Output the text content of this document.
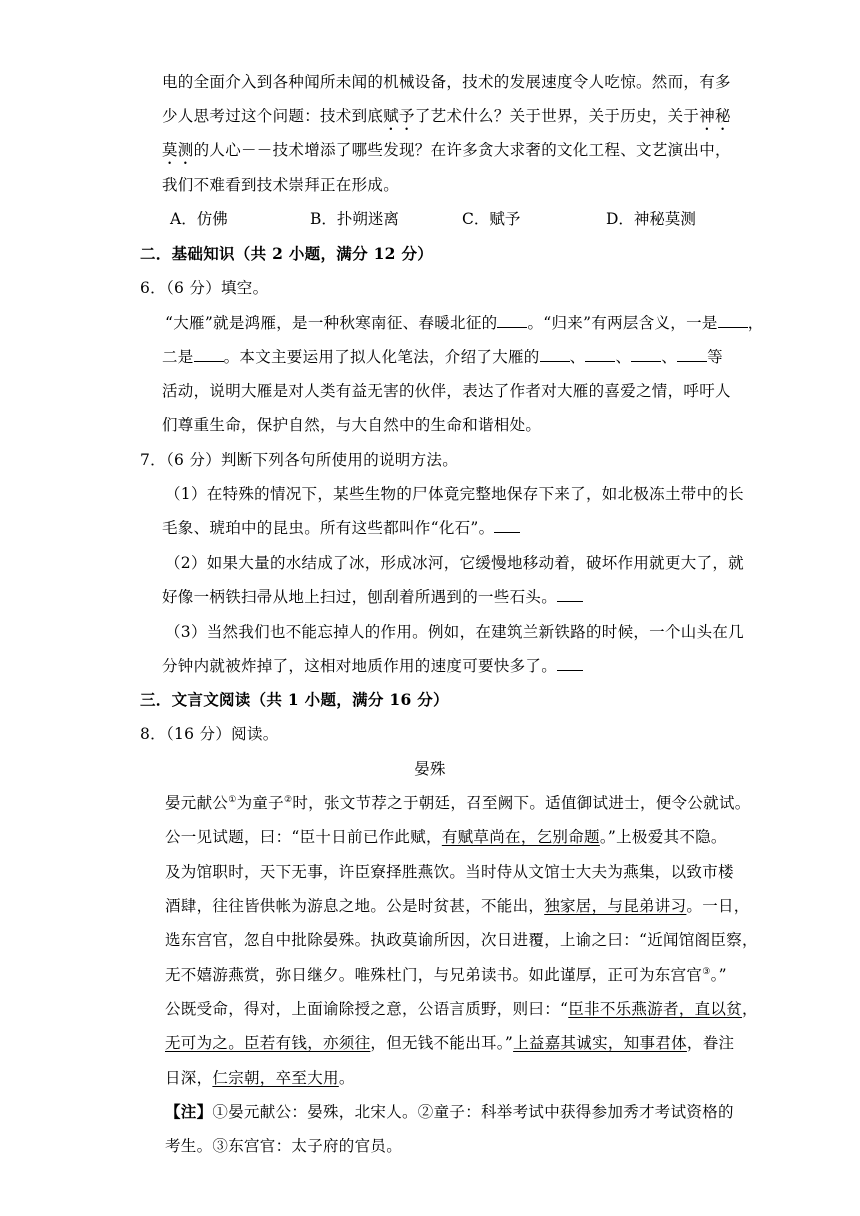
电的全面介入到各种闻所未闻的机械设备，技术的发展速度令人吃惊。然而，有多
少人思考过这个问题：技术到底赋予了艺术什么？关于世界，关于历史，关于神秘
莫测的人心－－技术增添了哪些发现？在许多贪大求奢的文化工程、文艺演出中，
我们不难看到技术崇拜正在形成。
A．仿佛	B．扑朔迷离	C．赋予	D．神秘莫测
二．基础知识（共 2 小题，满分 12 分）
6．（6 分）填空。
“大雁”就是鸿雁，是一种秋寒南征、春暖北征的 。“归来”有两层含义，一是 ，
二是 。本文主要运用了拟人化笔法，介绍了大雁的 、 、 、 等
活动，说明大雁是对人类有益无害的伙伴，表达了作者对大雁的喜爱之情，呼吁人
们尊重生命，保护自然，与大自然中的生命和谐相处。
7．（6 分）判断下列各句所使用的说明方法。
（1）在特殊的情况下，某些生物的尸体竟完整地保存下来了，如北极冻土带中的长
毛象、琥珀中的昆虫。所有这些都叫作“化石”。
（2）如果大量的水结成了冰，形成冰河，它缓慢地移动着，破坏作用就更大了，就
好像一柄铁扫帚从地上扫过，刨刮着所遇到的一些石头。
（3）当然我们也不能忘掉人的作用。例如，在建筑兰新铁路的时候，一个山头在几
分钟内就被炸掉了，这相对地质作用的速度可要快多了。
三．文言文阅读（共 1 小题，满分 16 分）
8．（16 分）阅读。
晏殊
晏元献公①为童子②时，张文节荐之于朝廷，召至阙下。适值御试进士，便令公就试。
公一见试题，曰：“臣十日前已作此赋，有赋草尚在，乞别命题。”上极爱其不隐。
及为馆职时，天下无事，许臣寮择胜燕饮。当时侍从文馆士大夫为燕集，以致市楼
酒肆，往往皆供帐为游息之地。公是时贫甚，不能出，独家居，与昆弟讲习。一日，
选东宫官，忽自中批除晏殊。执政莫谕所因，次日进覆，上谕之曰：“近闻馆阁臣察，
无不嬉游燕赏，弥日继夕。唯殊杜门，与兄弟读书。如此谨厚，正可为东宫官③。”
公既受命，得对，上面谕除授之意，公语言质野，则曰：“臣非不乐燕游者，直以贫，
无可为之。臣若有钱，亦须往，但无钱不能出耳。”上益嘉其诚实，知事君体，眷注
日深，仁宗朝，卒至大用。
【注】①晏元献公：晏殊，北宋人。②童子：科举考试中获得参加秀才考试资格的
考生。③东宫官：太子府的官员。
